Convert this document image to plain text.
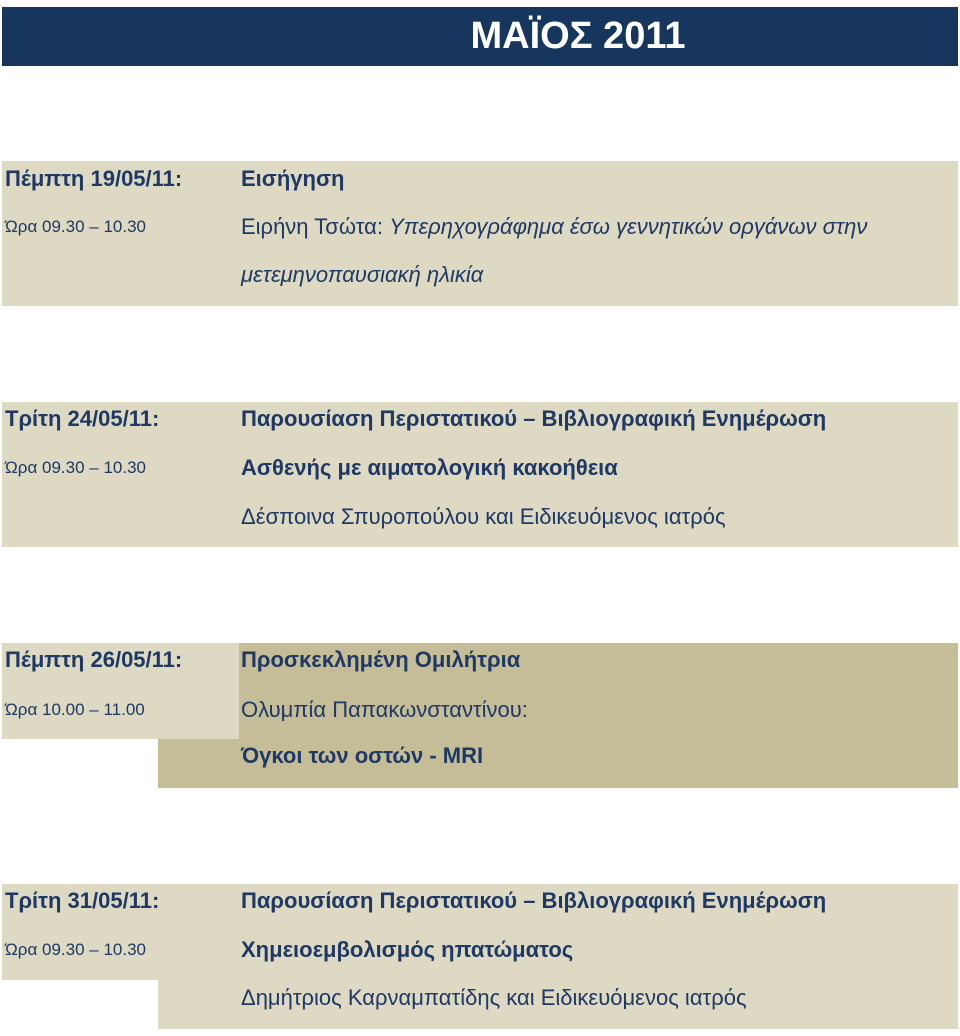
ΜΑΪΟΣ 2011
Πέμπτη 19/05/11:
Ώρα 09.30 – 10.30
Εισήγηση
Ειρήνη Τσώτα: Υπερηχογράφημα έσω γεννητικών οργάνων στην
μετεμηνοπαυσιακή ηλικία
Τρίτη 24/05/11:
Ώρα 09.30 – 10.30
Παρουσίαση Περιστατικού – Βιβλιογραφική Ενημέρωση
Ασθενής με αιματολογική κακοήθεια
Δέσποινα Σπυροπούλου και Ειδικευόμενος ιατρός
Πέμπτη 26/05/11:
Ώρα 10.00 – 11.00
Προσκεκλημένη Ομιλήτρια
Ολυμπία Παπακωνσταντίνου:
Όγκοι των οστών - MRI
Τρίτη 31/05/11:
Ώρα 09.30 – 10.30
Παρουσίαση Περιστατικού – Βιβλιογραφική Ενημέρωση
Χημειοεμβολισμός ηπατώματος
Δημήτριος Καρναμπατίδης και Ειδικευόμενος ιατρός
